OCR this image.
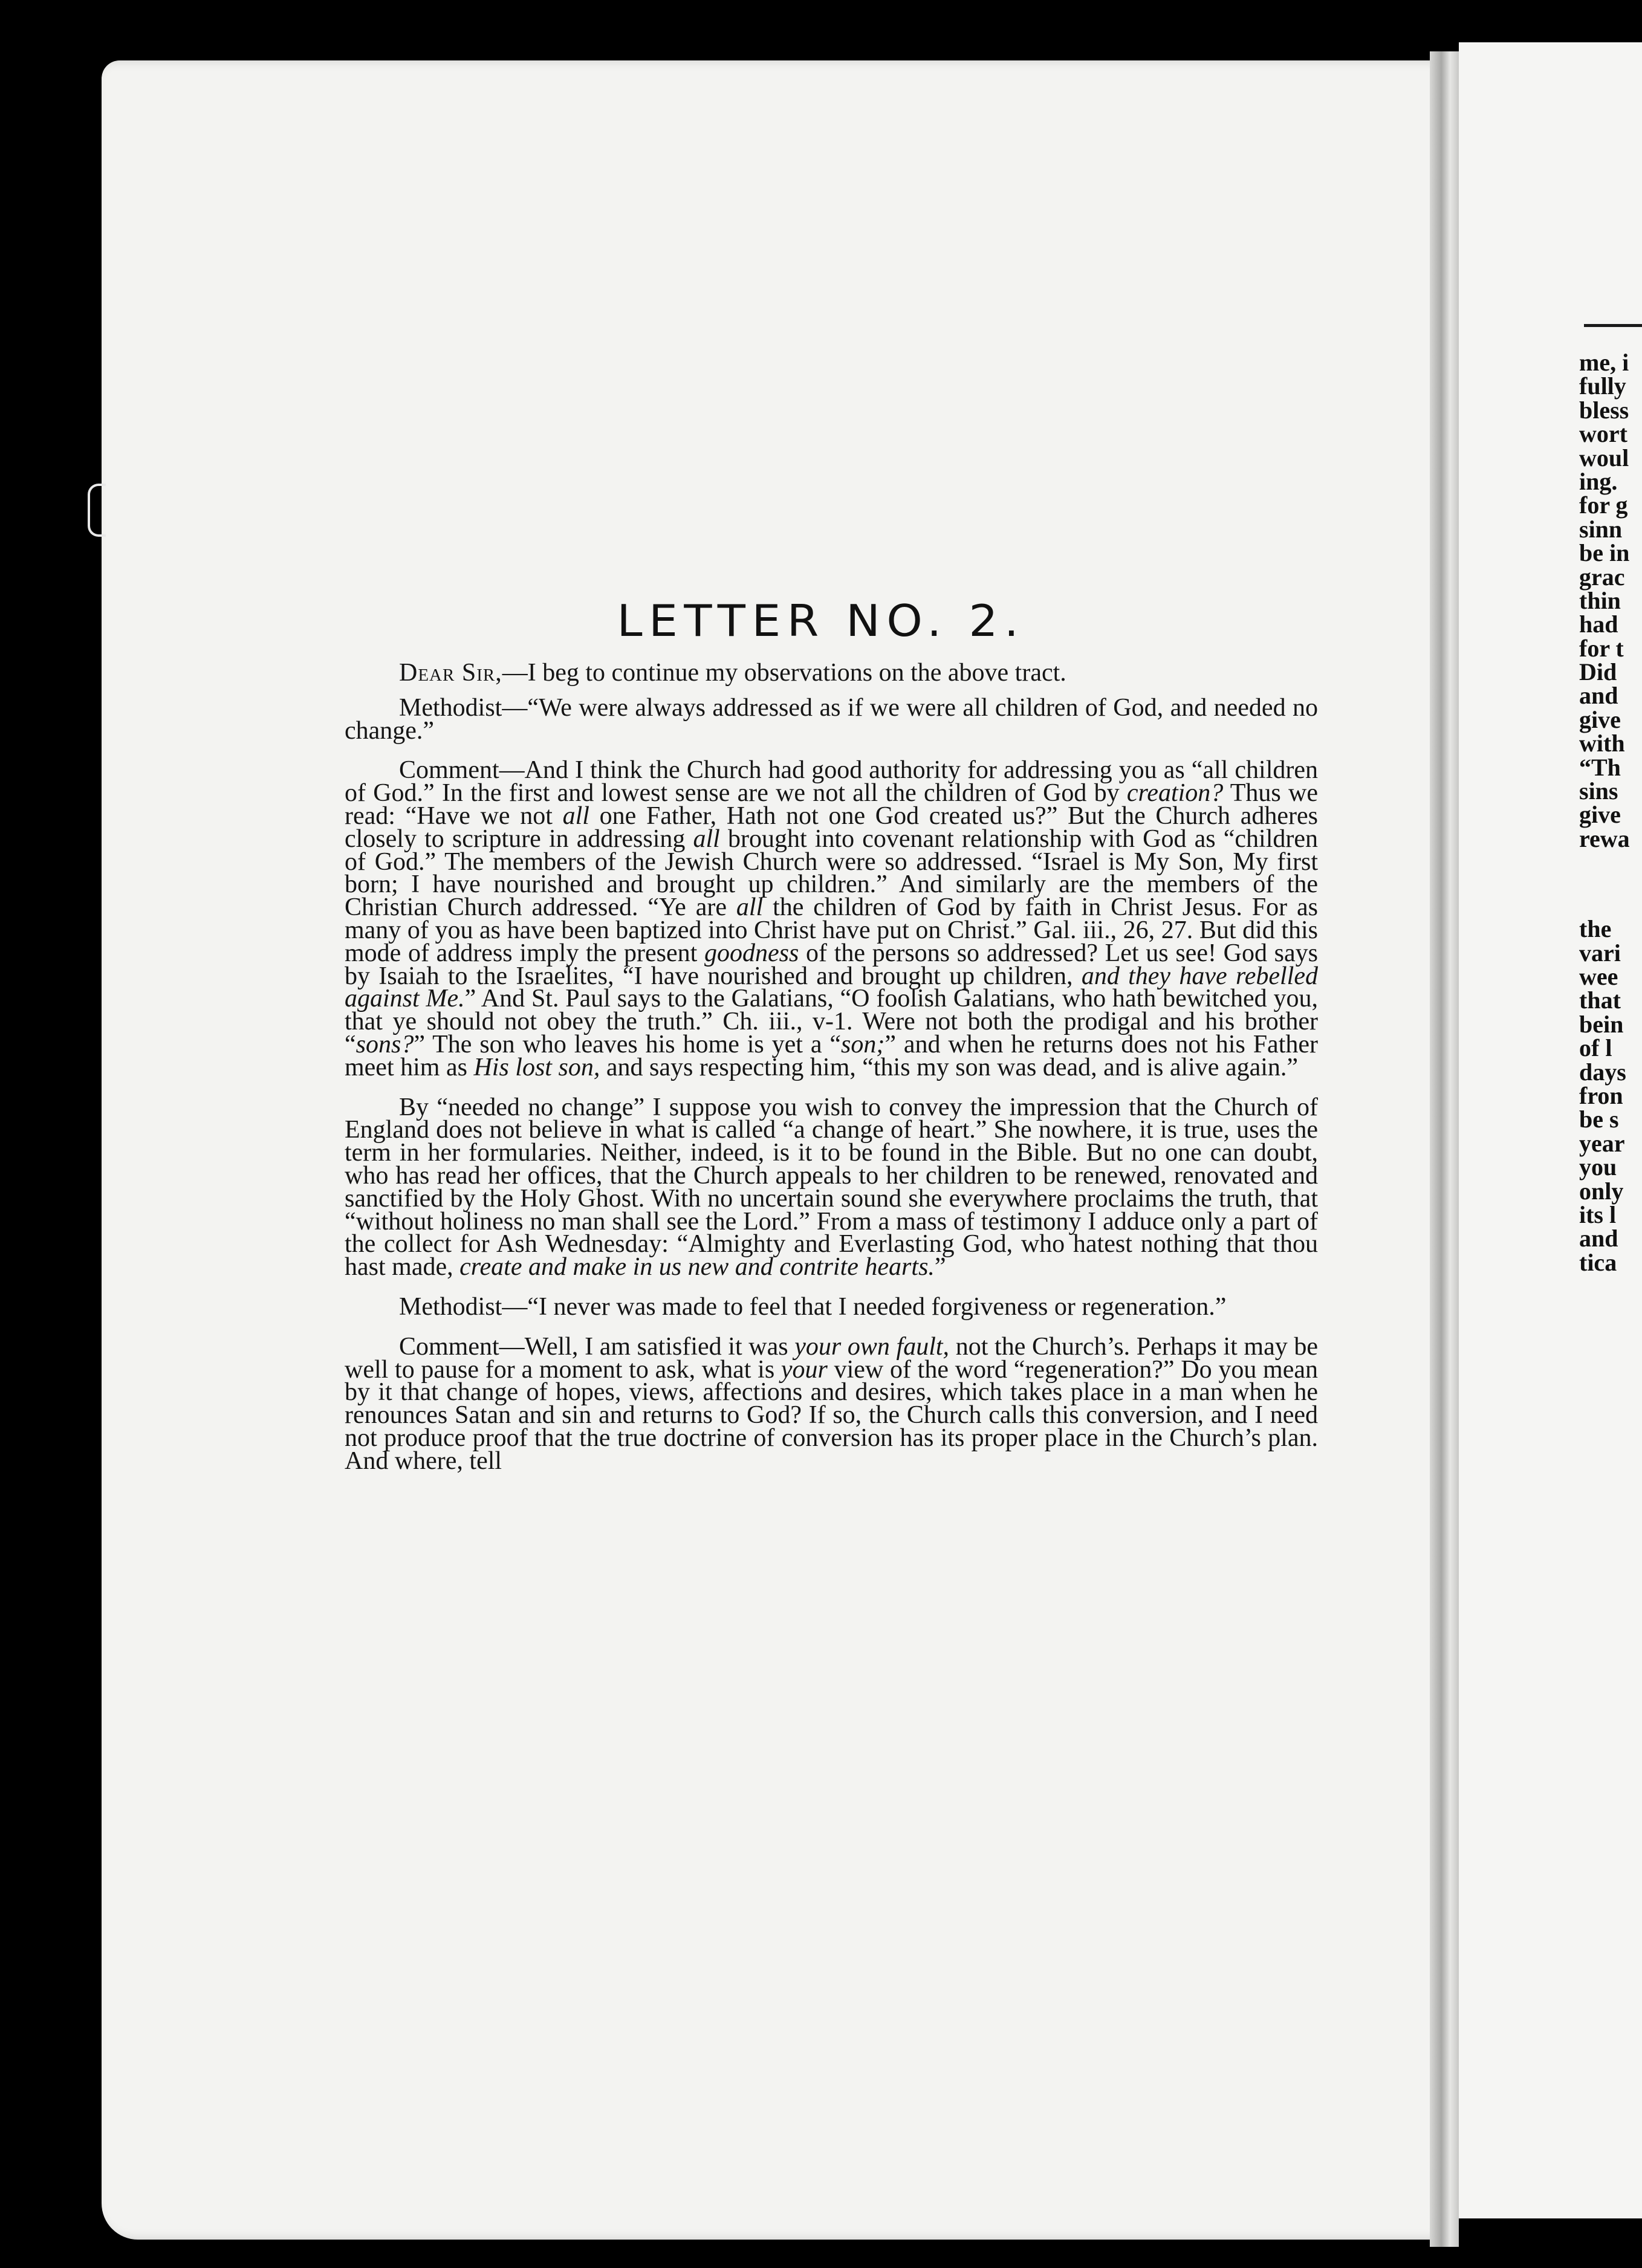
me, i
fully
bless
wort
woul
ing.
for g
sinn
be in
grac
thin
had
for t
Did
and
give
with
“Th
sins
give
rewa
the
vari
wee
that
bein
of l
days
fron
be s
year
you
only
its l
and
tica
LETTER NO. 2.

Dear Sir,—I beg to continue my observations on the above tract.

Methodist—“We were always addressed as if we were all children of God, and needed no change.”

Comment—And I think the Church had good authority for addressing you as “all children of God.” In the first and lowest sense are we not all the children of God by creation? Thus we read: “Have we not all one Father, Hath not one God created us?” But the Church adheres closely to scripture in addressing all brought into covenant relationship with God as “children of God.” The members of the Jewish Church were so addressed. “Israel is My Son, My first born; I have nourished and brought up children.” And similarly are the members of the Christian Church addressed. “Ye are all the children of God by faith in Christ Jesus. For as many of you as have been baptized into Christ have put on Christ.” Gal. iii., 26, 27. But did this mode of address imply the present goodness of the persons so addressed? Let us see! God says by Isaiah to the Israelites, “I have nourished and brought up children, and they have rebelled against Me.” And St. Paul says to the Galatians, “O foolish Galatians, who hath bewitched you, that ye should not obey the truth.” Ch. iii., v-1. Were not both the prodigal and his brother “sons?” The son who leaves his home is yet a “son;” and when he returns does not his Father meet him as His lost son, and says respecting him, “this my son was dead, and is alive again.”

By “needed no change” I suppose you wish to convey the impression that the Church of England does not believe in what is called “a change of heart.” She nowhere, it is true, uses the term in her formularies. Neither, indeed, is it to be found in the Bible. But no one can doubt, who has read her offices, that the Church appeals to her children to be renewed, renovated and sanctified by the Holy Ghost. With no uncertain sound she everywhere proclaims the truth, that “without holiness no man shall see the Lord.” From a mass of testimony I adduce only a part of the collect for Ash Wednesday: “Almighty and Everlasting God, who hatest nothing that thou hast made, create and make in us new and contrite hearts.”

Methodist—“I never was made to feel that I needed forgiveness or regeneration.”

Comment—Well, I am satisfied it was your own fault, not the Church’s. Perhaps it may be well to pause for a moment to ask, what is your view of the word “regeneration?” Do you mean by it that change of hopes, views, affections and desires, which takes place in a man when he renounces Satan and sin and returns to God? If so, the Church calls this conversion, and I need not produce proof that the true doctrine of conversion has its proper place in the Church’s plan. And where, tell
